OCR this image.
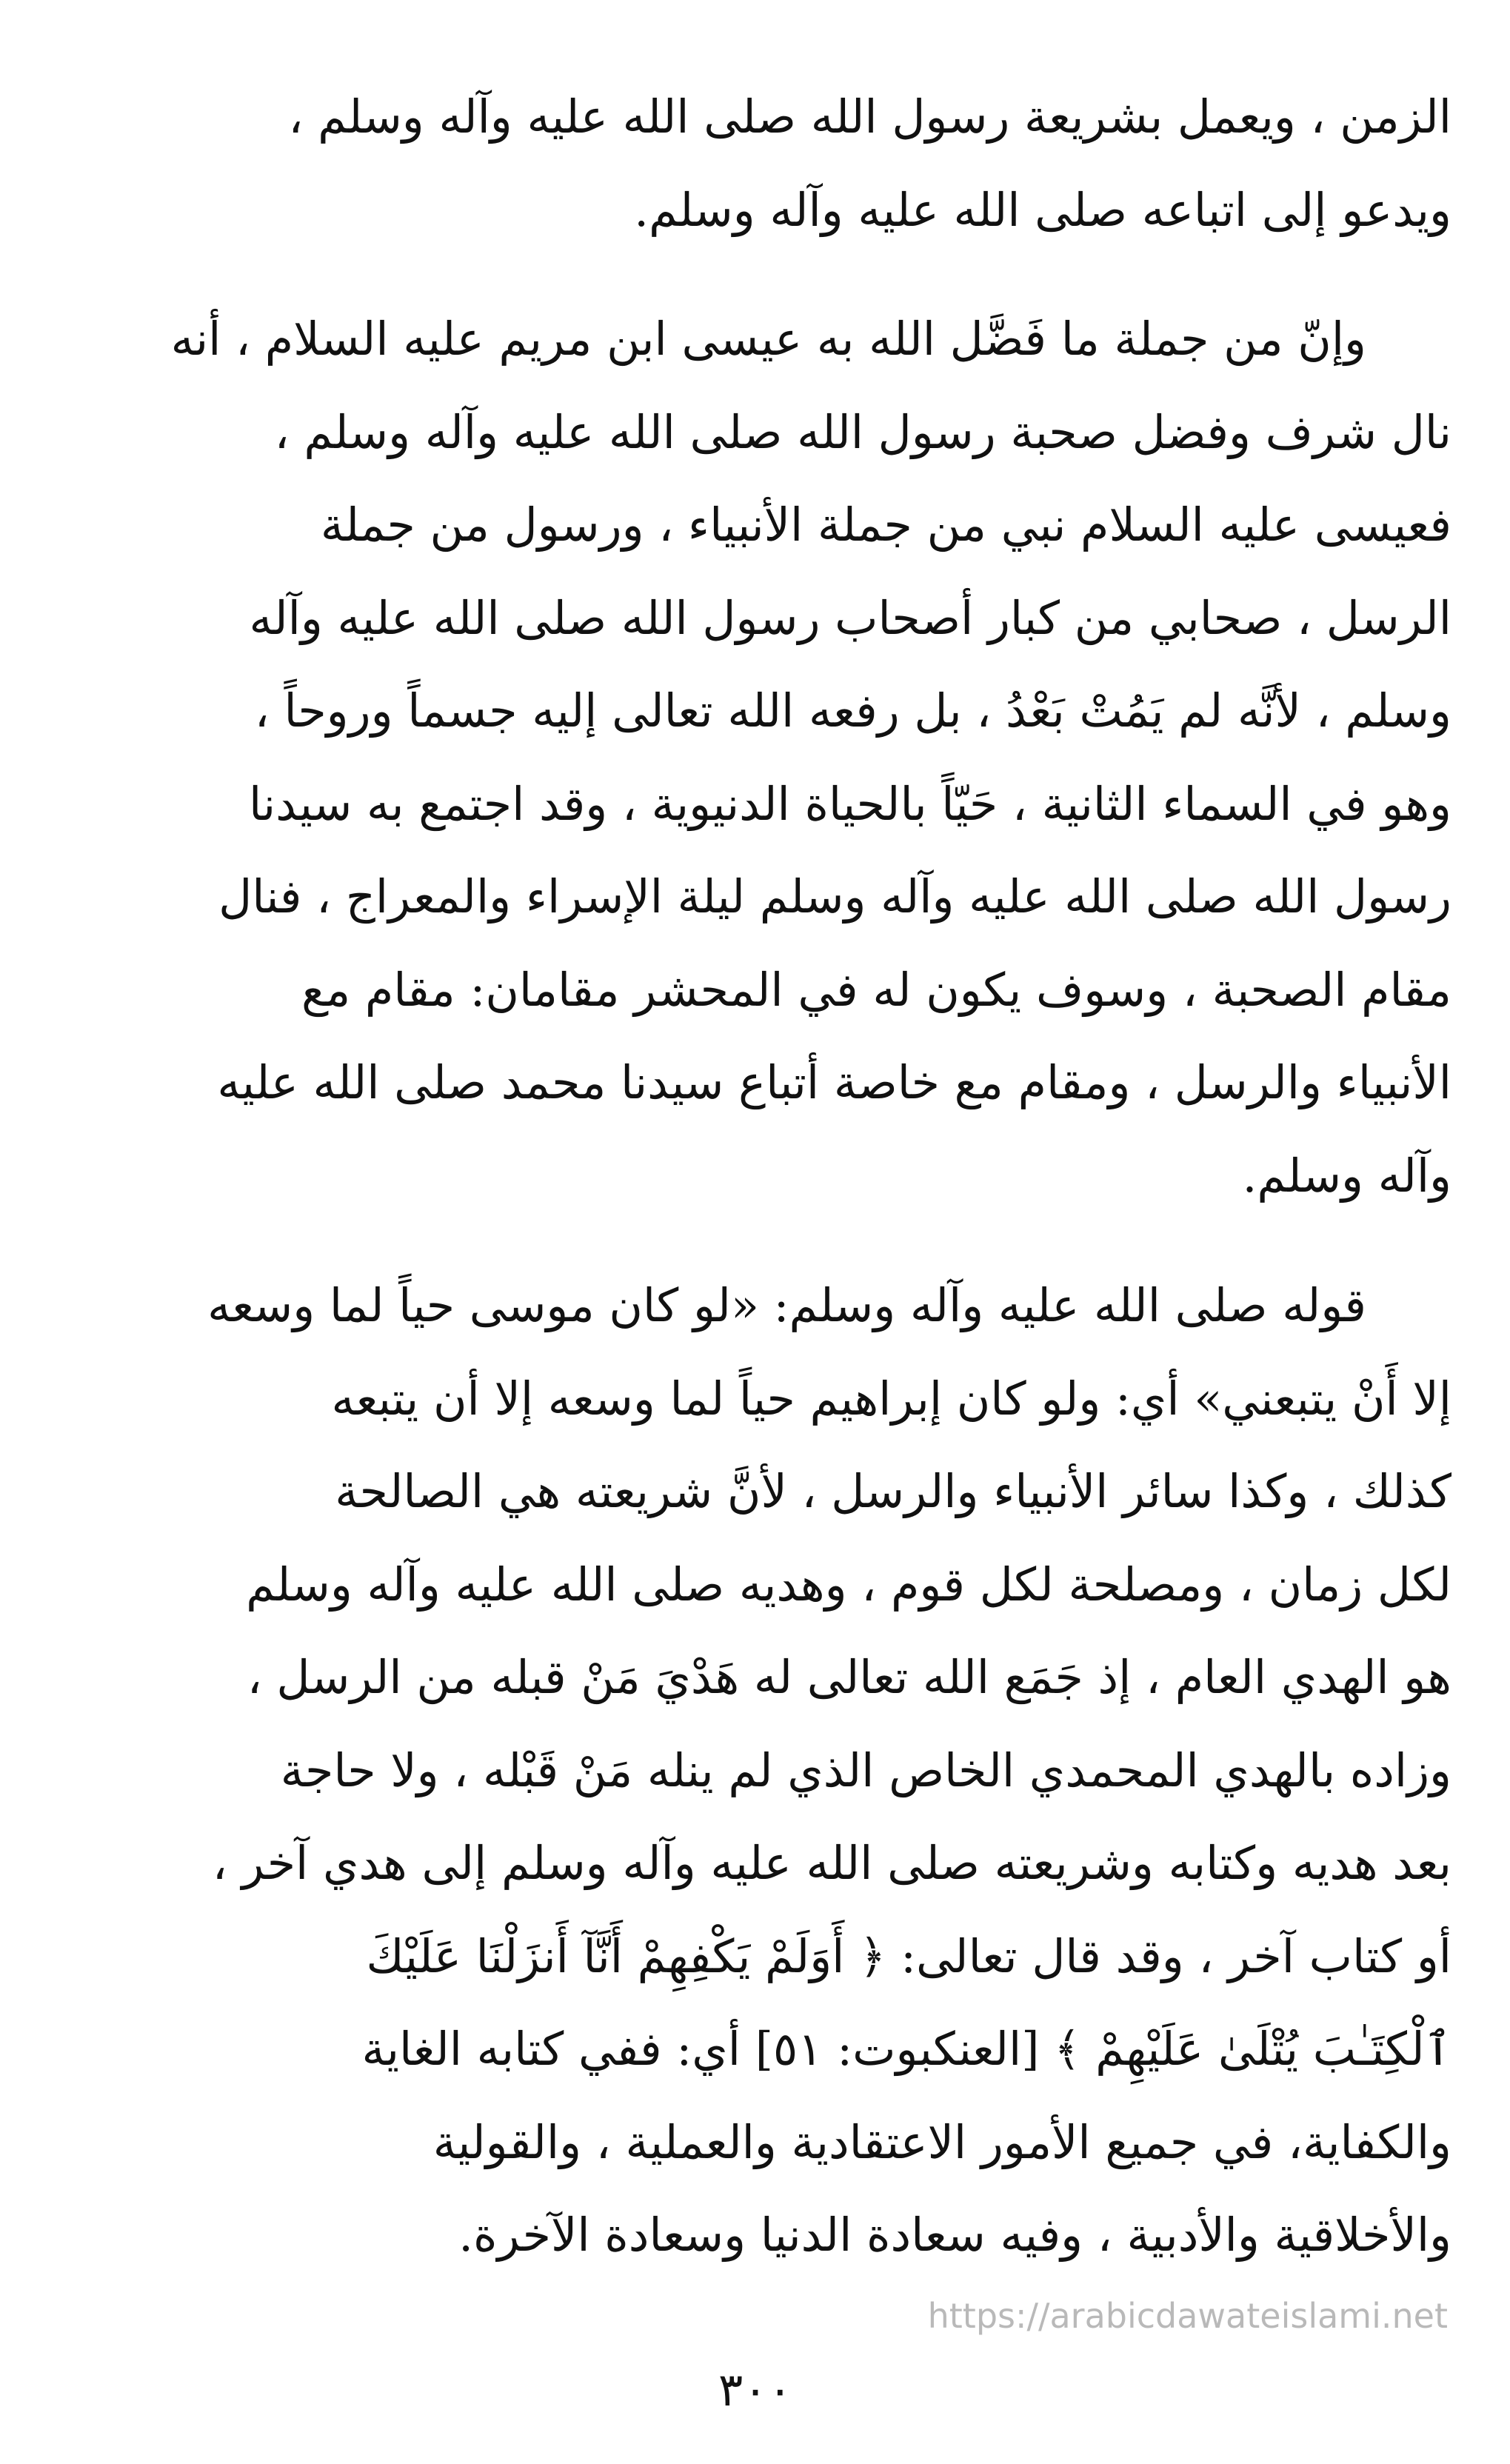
الزمن ، ويعمل بشريعة رسول الله صلى الله عليه وآله وسلم ،
ويدعو إلى اتباعه صلى الله عليه وآله وسلم.

وإنّ من جملة ما فَضَّل الله به عيسى ابن مريم عليه السلام ، أنه
نال شرف وفضل صحبة رسول الله صلى الله عليه وآله وسلم ،
فعيسى عليه السلام نبي من جملة الأنبياء ، ورسول من جملة
الرسل ، صحابي من كبار أصحاب رسول الله صلى الله عليه وآله
وسلم ، لأنَّه لم يَمُتْ بَعْدُ ، بل رفعه الله تعالى إليه جسماً وروحاً ،
وهو في السماء الثانية ، حَيّاً بالحياة الدنيوية ، وقد اجتمع به سيدنا
رسول الله صلى الله عليه وآله وسلم ليلة الإسراء والمعراج ، فنال
مقام الصحبة ، وسوف يكون له في المحشر مقامان: مقام مع
الأنبياء والرسل ، ومقام مع خاصة أتباع سيدنا محمد صلى الله عليه
وآله وسلم.

قوله صلى الله عليه وآله وسلم: «لو كان موسى حياً لما وسعه
إلا أَنْ يتبعني» أي: ولو كان إبراهيم حياً لما وسعه إلا أن يتبعه
كذلك ، وكذا سائر الأنبياء والرسل ، لأنَّ شريعته هي الصالحة
لكل زمان ، ومصلحة لكل قوم ، وهديه صلى الله عليه وآله وسلم
هو الهدي العام ، إذ جَمَع الله تعالى له هَدْيَ مَنْ قبله من الرسل ،
وزاده بالهدي المحمدي الخاص الذي لم ينله مَنْ قَبْله ، ولا حاجة
بعد هديه وكتابه وشريعته صلى الله عليه وآله وسلم إلى هدي آخر ،
أو كتاب آخر ، وقد قال تعالى: ﴿ أَوَلَمْ يَكْفِهِمْ أَنَّآ أَنزَلْنَا عَلَيْكَ
ٱلْكِتَـٰبَ يُتْلَىٰ عَلَيْهِمْ ﴾ [العنكبوت: ٥١] أي: ففي كتابه الغاية
والكفاية، في جميع الأمور الاعتقادية والعملية ، والقولية
والأخلاقية والأدبية ، وفيه سعادة الدنيا وسعادة الآخرة.

https://arabicdawateislami.net
٣٠٠
